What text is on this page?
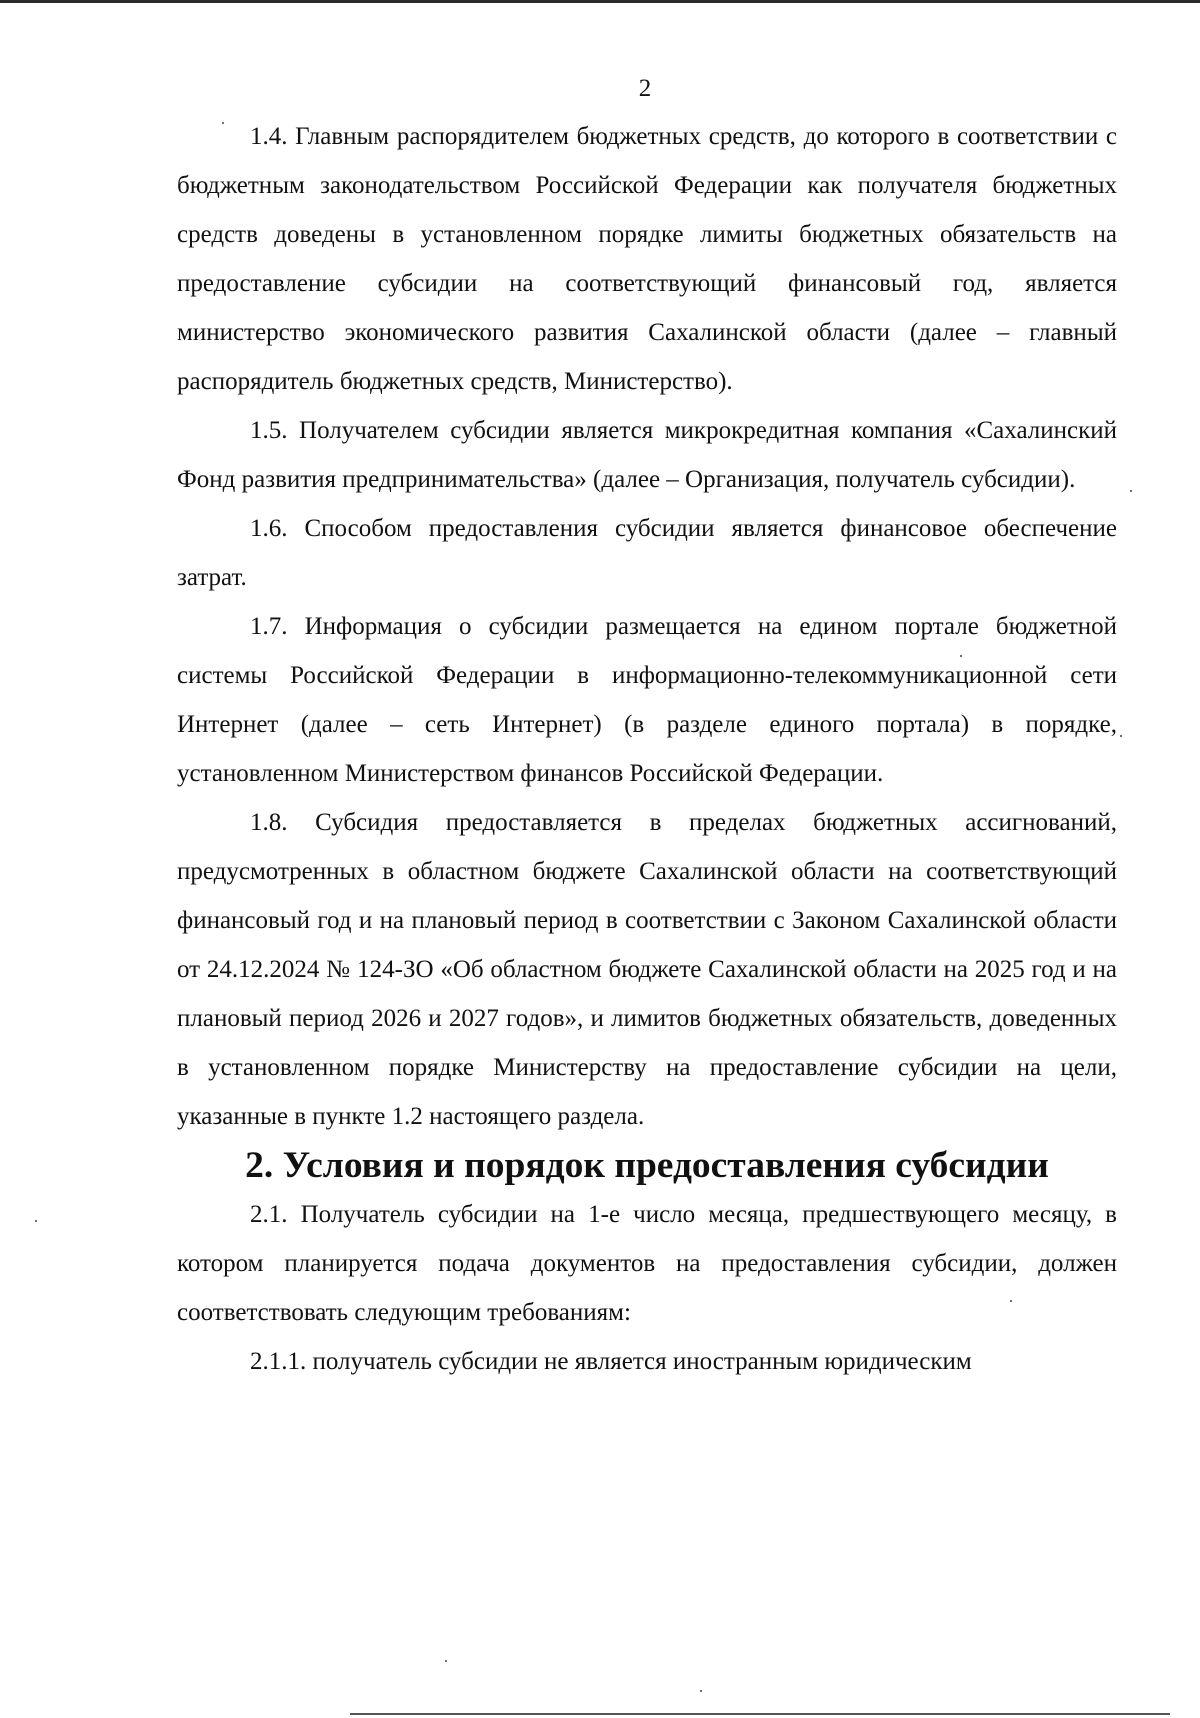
2

1.4. Главным распорядителем бюджетных средств, до которого в соответствии с бюджетным законодательством Российской Федерации как получателя бюджетных средств доведены в установленном порядке лимиты бюджетных обязательств на предоставление субсидии на соответствующий финансовый год, является министерство экономического развития Сахалинской области (далее – главный распорядитель бюджетных средств, Министерство).

1.5. Получателем субсидии является микрокредитная компания «Сахалинский Фонд развития предпринимательства» (далее – Организация, получатель субсидии).

1.6. Способом предоставления субсидии является финансовое обеспечение затрат.

1.7. Информация о субсидии размещается на едином портале бюджетной системы Российской Федерации в информационно-телекоммуникационной сети Интернет (далее – сеть Интернет) (в разделе единого портала) в порядке, установленном Министерством финансов Российской Федерации.

1.8. Субсидия предоставляется в пределах бюджетных ассигнований, предусмотренных в областном бюджете Сахалинской области на соответствующий финансовый год и на плановый период в соответствии с Законом Сахалинской области от 24.12.2024 № 124-ЗО «Об областном бюджете Сахалинской области на 2025 год и на плановый период 2026 и 2027 годов», и лимитов бюджетных обязательств, доведенных в установленном порядке Министерству на предоставление субсидии на цели, указанные в пункте 1.2 настоящего раздела.

2. Условия и порядок предоставления субсидии

2.1. Получатель субсидии на 1-е число месяца, предшествующего месяцу, в котором планируется подача документов на предоставления субсидии, должен соответствовать следующим требованиям:

2.1.1. получатель субсидии не является иностранным юридическим
